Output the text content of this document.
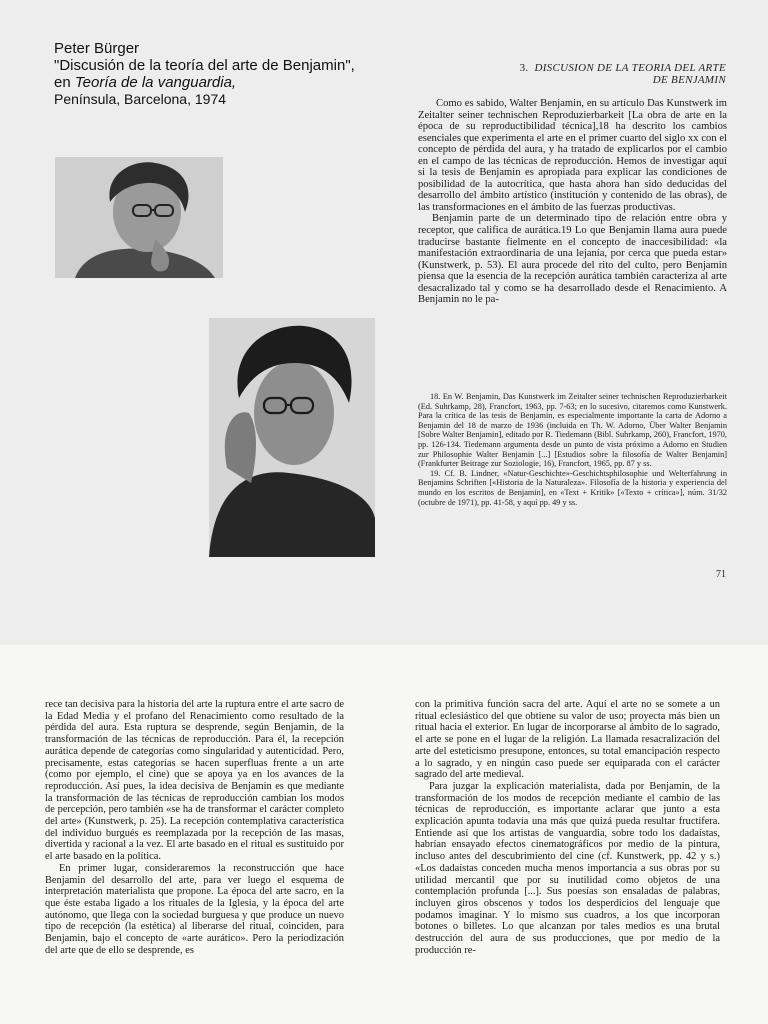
Peter Bürger
"Discusión de la teoría del arte de Benjamin",
en Teoría de la vanguardia,
Península, Barcelona, 1974
3. DISCUSION DE LA TEORIA DEL ARTE
DE BENJAMIN

Como es sabido, Walter Benjamin, en su artículo Das Kunstwerk im Zeitalter seiner technischen Reproduzierbarkeit [La obra de arte en la época de su reproductibilidad técnica],18 ha descrito los cambios esenciales que experimenta el arte en el primer cuarto del siglo xx con el concepto de pérdida del aura, y ha tratado de explicarlos por el cambio en el campo de las técnicas de reproducción. Hemos de investigar aquí si la tesis de Benjamin es apropiada para explicar las condiciones de posibilidad de la autocrítica, que hasta ahora han sido deducidas del desarrollo del ámbito artístico (institución y contenido de las obras), de las transformaciones en el ámbito de las fuerzas productivas.

Benjamin parte de un determinado tipo de relación entre obra y receptor, que califica de aurática.19 Lo que Benjamin llama aura puede traducirse bastante fielmente en el concepto de inaccesibilidad: «la manifestación extraordinaria de una lejanía, por cerca que pueda estar» (Kunstwerk, p. 53). El aura procede del rito del culto, pero Benjamin piensa que la esencia de la recepción aurática también caracteriza al arte desacralizado tal y como se ha desarrollado desde el Renacimiento. A Benjamin no le pa-

18. En W. Benjamin, Das Kunstwerk im Zeitalter seiner technischen Reproduzierbarkeit (Ed. Suhrkamp, 28), Francfort, 1963, pp. 7-63; en lo sucesivo, citaremos como Kunstwerk. Para la crítica de las tesis de Benjamin, es especialmente importante la carta de Adorno a Benjamin del 18 de marzo de 1936 (incluida en Th. W. Adorno, Über Walter Benjamin [Sobre Walter Benjamin], editado por R. Tiedemann (Bibl. Suhrkamp, 260), Francfort, 1970, pp. 126-134. Tiedemann argumenta desde un punto de vista próximo a Adorno en Studien zur Philosophie Walter Benjamin [...] [Estudios sobre la filosofía de Walter Benjamin] (Frankfurter Beitrage zur Soziologie, 16), Francfort, 1965, pp. 87 y ss.

19. Cf. B. Lindner, «Natur-Geschichte»-Geschichtsphilosophie und Welterfahrung in Benjamins Schriften [«Historia de la Naturaleza». Filosofía de la historia y experiencia del mundo en los escritos de Benjamin], en «Text + Kritik» [«Texto + crítica»], núm. 31/32 (octubre de 1971), pp. 41-58, y aquí pp. 49 y ss.

71

rece tan decisiva para la historia del arte la ruptura entre el arte sacro de la Edad Media y el profano del Renacimiento como resultado de la pérdida del aura. Esta ruptura se desprende, según Benjamin, de la transformación de las técnicas de reproducción. Para él, la recepción aurática depende de categorías como singularidad y autenticidad. Pero, precisamente, estas categorías se hacen superfluas frente a un arte (como por ejemplo, el cine) que se apoya ya en los avances de la reproducción. Así pues, la idea decisiva de Benjamin es que mediante la transformación de las técnicas de reproducción cambian los modos de percepción, pero también «se ha de transformar el carácter completo del arte» (Kunstwerk, p. 25). La recepción contemplativa característica del individuo burgués es reemplazada por la recepción de las masas, divertida y racional a la vez. El arte basado en el ritual es sustituido por el arte basado en la política.

En primer lugar, consideraremos la reconstrucción que hace Benjamin del desarrollo del arte, para ver luego el esquema de interpretación materialista que propone. La época del arte sacro, en la que éste estaba ligado a los rituales de la Iglesia, y la época del arte autónomo, que llega con la sociedad burguesa y que produce un nuevo tipo de recepción (la estética) al liberarse del ritual, coinciden, para Benjamin, bajo el concepto de «arte aurático». Pero la periodización del arte que de ello se desprende, es

con la primitiva función sacra del arte. Aquí el arte no se somete a un ritual eclesiástico del que obtiene su valor de uso; proyecta más bien un ritual hacia el exterior. En lugar de incorporarse al ámbito de lo sagrado, el arte se pone en el lugar de la religión. La llamada resacralización del arte del esteticismo presupone, entonces, su total emancipación respecto a lo sagrado, y en ningún caso puede ser equiparada con el carácter sagrado del arte medieval.

Para juzgar la explicación materialista, dada por Benjamin, de la transformación de los modos de recepción mediante el cambio de las técnicas de reproducción, es importante aclarar que junto a esta explicación apunta todavía una más que quizá pueda resultar fructífera. Entiende así que los artistas de vanguardia, sobre todo los dadaístas, habrían ensayado efectos cinematográficos por medio de la pintura, incluso antes del descubrimiento del cine (cf. Kunstwerk, pp. 42 y s.) «Los dadaístas conceden mucha menos importancia a sus obras por su utilidad mercantil que por su inutilidad como objetos de una contemplación profunda [...]. Sus poesías son ensaladas de palabras, incluyen giros obscenos y todos los desperdicios del lenguaje que podamos imaginar. Y lo mismo sus cuadros, a los que incorporan botones o billetes. Lo que alcanzan por tales medios es una brutal destrucción del aura de sus producciones, que por medio de la producción re-
